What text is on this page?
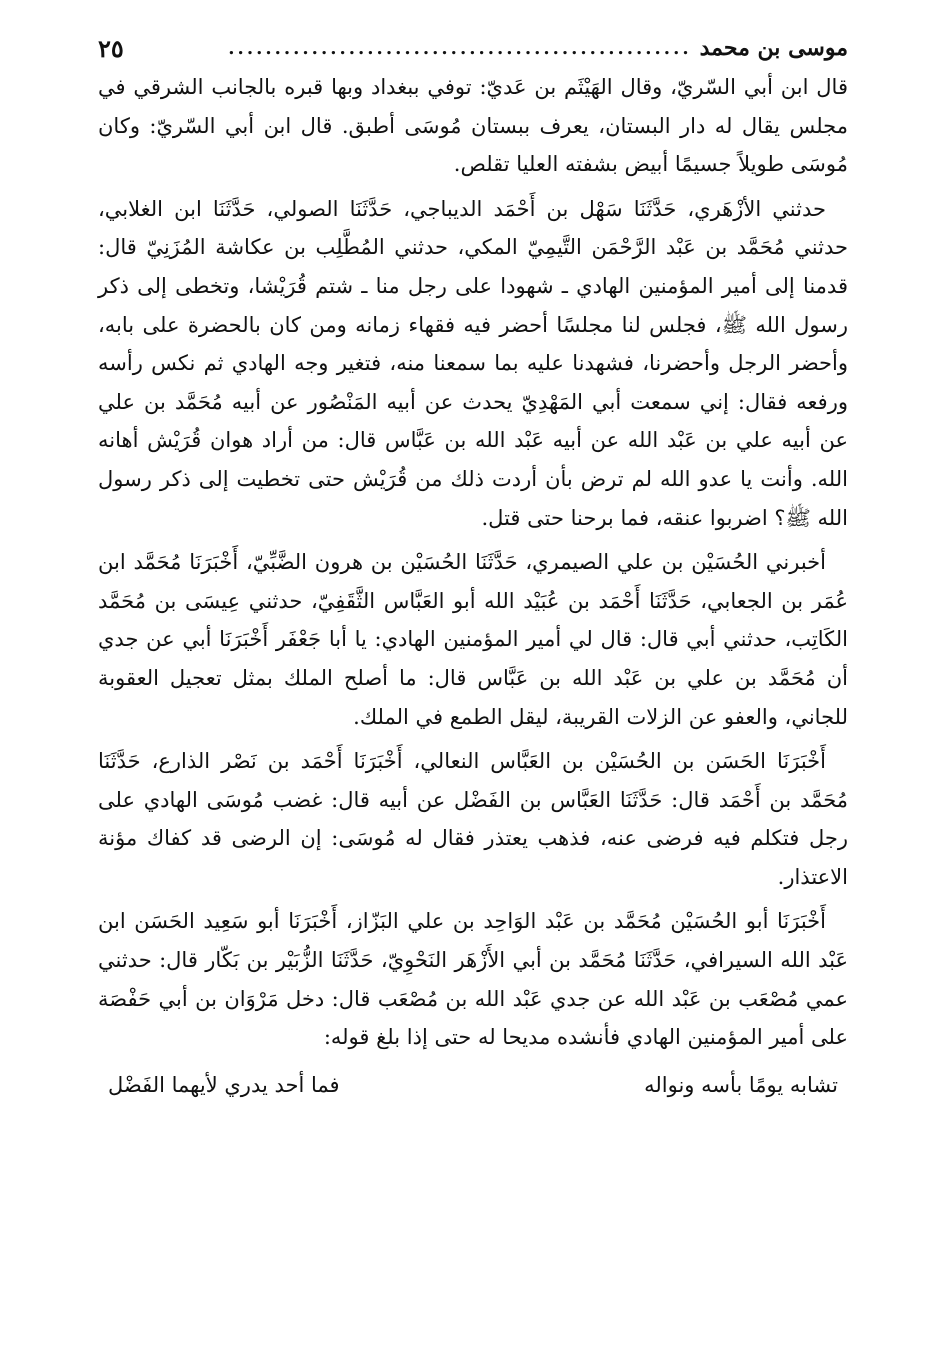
موسى بن محمد
..................................................
٢٥

قال ابن أبي السّريّ، وقال الهَيْثَم بن عَديّ: توفي ببغداد وبها قبره بالجانب الشرقي في مجلس يقال له دار البستان، يعرف ببستان مُوسَى أطبق. قال ابن أبي السّريّ: وكان مُوسَى طويلاً جسيمًا أبيض بشفته العليا تقلص.

حدثني الأزْهَري، حَدَّثَنَا سَهْل بن أَحْمَد الديباجي، حَدَّثَنَا الصولي، حَدَّثَنَا ابن الغلابي، حدثني مُحَمَّد بن عَبْد الرَّحْمَن التَّيمِيّ المكي، حدثني المُطَّلِب بن عكاشة المُزَنِيّ قال: قدمنا إلى أمير المؤمنين الهادي ـ شهودا على رجل منا ـ شتم قُرَيْشا، وتخطى إلى ذكر رسول الله ﷺ، فجلس لنا مجلسًا أحضر فيه فقهاء زمانه ومن كان بالحضرة على بابه، وأحضر الرجل وأحضرنا، فشهدنا عليه بما سمعنا منه، فتغير وجه الهادي ثم نكس رأسه ورفعه فقال: إني سمعت أبي المَهْدِيّ يحدث عن أبيه المَنْصُور عن أبيه مُحَمَّد بن علي عن أبيه علي بن عَبْد الله عن أبيه عَبْد الله بن عَبَّاس قال: من أراد هوان قُرَيْش أهانه الله. وأنت يا عدو الله لم ترض بأن أردت ذلك من قُرَيْش حتى تخطيت إلى ذكر رسول الله ﷺ؟ اضربوا عنقه، فما برحنا حتى قتل.

أخبرني الحُسَيْن بن علي الصيمري، حَدَّثَنَا الحُسَيْن بن هرون الضَّبِّيّ، أَخْبَرَنَا مُحَمَّد ابن عُمَر بن الجعابي، حَدَّثَنَا أَحْمَد بن عُبَيْد الله أبو العَبَّاس الثَّقَفِيّ، حدثني عِيسَى بن مُحَمَّد الكَاتِب، حدثني أبي قال: قال لي أمير المؤمنين الهادي: يا أبا جَعْفَر أَخْبَرَنَا أبي عن جدي أن مُحَمَّد بن علي بن عَبْد الله بن عَبَّاس قال: ما أصلح الملك بمثل تعجيل العقوبة للجاني، والعفو عن الزلات القريبة، ليقل الطمع في الملك.

أَخْبَرَنَا الحَسَن بن الحُسَيْن بن العَبَّاس النعالي، أَخْبَرَنَا أَحْمَد بن نَصْر الذارع، حَدَّثَنَا مُحَمَّد بن أَحْمَد قال: حَدَّثَنَا العَبَّاس بن الفَضْل عن أبيه قال: غضب مُوسَى الهادي على رجل فتكلم فيه فرضى عنه، فذهب يعتذر فقال له مُوسَى: إن الرضى قد كفاك مؤنة الاعتذار.

أَخْبَرَنَا أبو الحُسَيْن مُحَمَّد بن عَبْد الوَاحِد بن علي البَزّاز، أَخْبَرَنَا أبو سَعِيد الحَسَن ابن عَبْد الله السيرافي، حَدَّثَنَا مُحَمَّد بن أبي الأَزْهَر النَحْوِيّ، حَدَّثَنَا الزُّبَيْر بن بَكّار قال: حدثني عمي مُصْعَب بن عَبْد الله عن جدي عَبْد الله بن مُصْعَب قال: دخل مَرْوَان بن أبي حَفْصَة على أمير المؤمنين الهادي فأنشده مديحا له حتى إذا بلغ قوله:

تشابه يومًا بأسه ونواله
فما أحد يدري لأيهما الفَضْل
